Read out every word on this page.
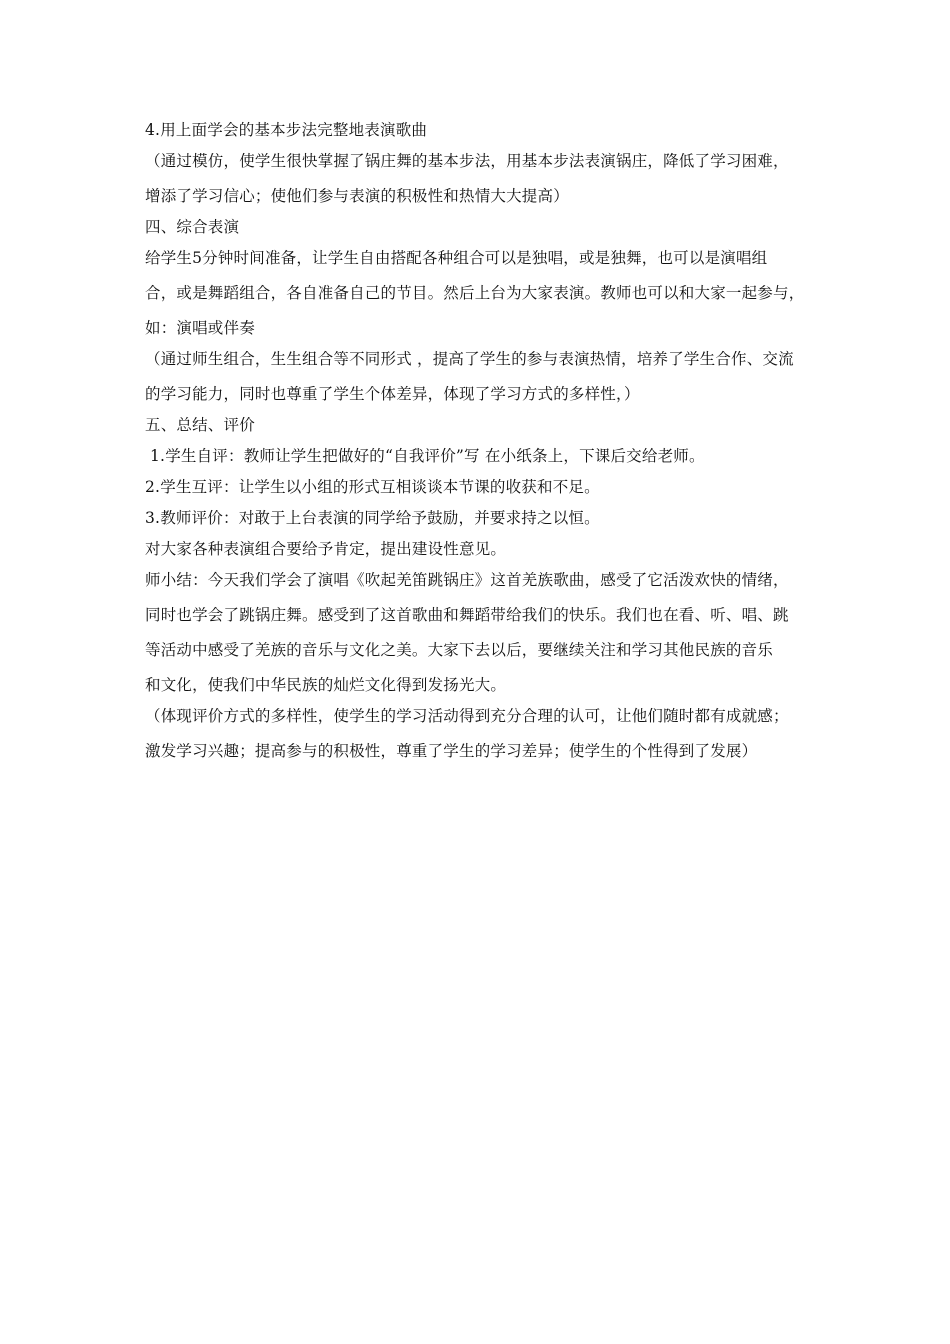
4.用上面学会的基本步法完整地表演歌曲
（通过模仿，使学生很快掌握了锅庄舞的基本步法，用基本步法表演锅庄，降低了学习困难，
增添了学习信心；使他们参与表演的积极性和热情大大提高）
四、综合表演
给学生5分钟时间准备，让学生自由搭配各种组合可以是独唱，或是独舞，也可以是演唱组
合，或是舞蹈组合，各自准备自己的节目。然后上台为大家表演。教师也可以和大家一起参与，
如：演唱或伴奏
（通过师生组合，生生组合等不同形式 ，提高了学生的参与表演热情，培养了学生合作、交流
的学习能力，同时也尊重了学生个体差异，体现了学习方式的多样性，）
五、总结、评价
1.学生自评：教师让学生把做好的“自我评价”写 在小纸条上，下课后交给老师。
2.学生互评：让学生以小组的形式互相谈谈本节课的收获和不足。
3.教师评价：对敢于上台表演的同学给予鼓励，并要求持之以恒。
对大家各种表演组合要给予肯定，提出建设性意见。
师小结：今天我们学会了演唱《吹起羌笛跳锅庄》这首羌族歌曲，感受了它活泼欢快的情绪，
同时也学会了跳锅庄舞。感受到了这首歌曲和舞蹈带给我们的快乐。我们也在看、听、唱、跳
等活动中感受了羌族的音乐与文化之美。大家下去以后，要继续关注和学习其他民族的音乐
和文化，使我们中华民族的灿烂文化得到发扬光大。
（体现评价方式的多样性，使学生的学习活动得到充分合理的认可，让他们随时都有成就感；
激发学习兴趣；提高参与的积极性，尊重了学生的学习差异；使学生的个性得到了发展）
